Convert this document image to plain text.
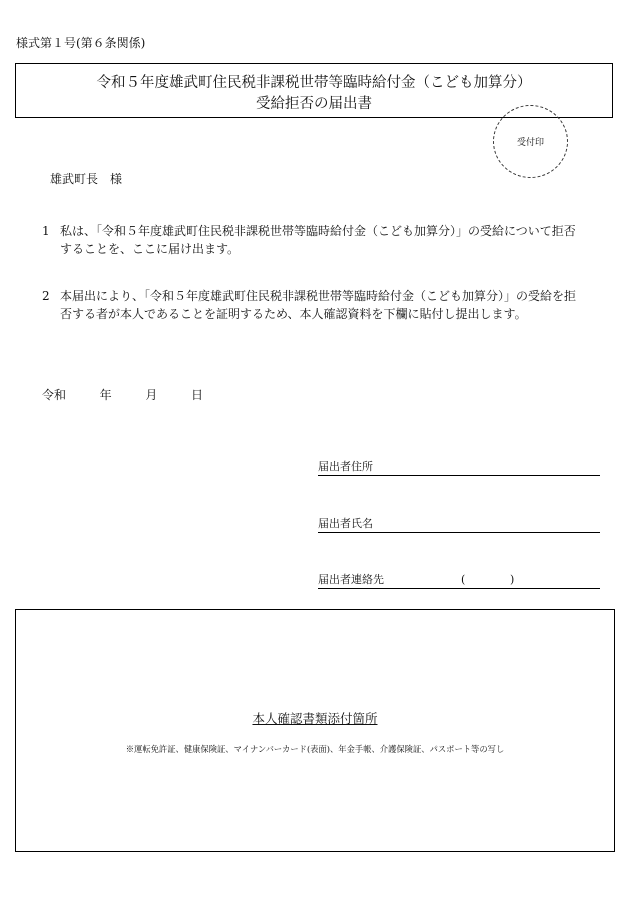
様式第１号(第６条関係)
令和５年度雄武町住民税非課税世帯等臨時給付金（こども加算分）
受給拒否の届出書
受付印
雄武町長　様
1 私は、「令和５年度雄武町住民税非課税世帯等臨時給付金（こども加算分）」の受給について拒否することを、ここに届け出ます。
2 本届出により、「令和５年度雄武町住民税非課税世帯等臨時給付金（こども加算分）」の受給を拒否する者が本人であることを証明するため、本人確認資料を下欄に貼付し提出します。
令和	年	月	日
届出者住所
届出者氏名
届出者連絡先	(	)
本人確認書類添付箇所
※運転免許証、健康保険証、マイナンバーカード(表面)、年金手帳、介護保険証、パスポート等の写し
